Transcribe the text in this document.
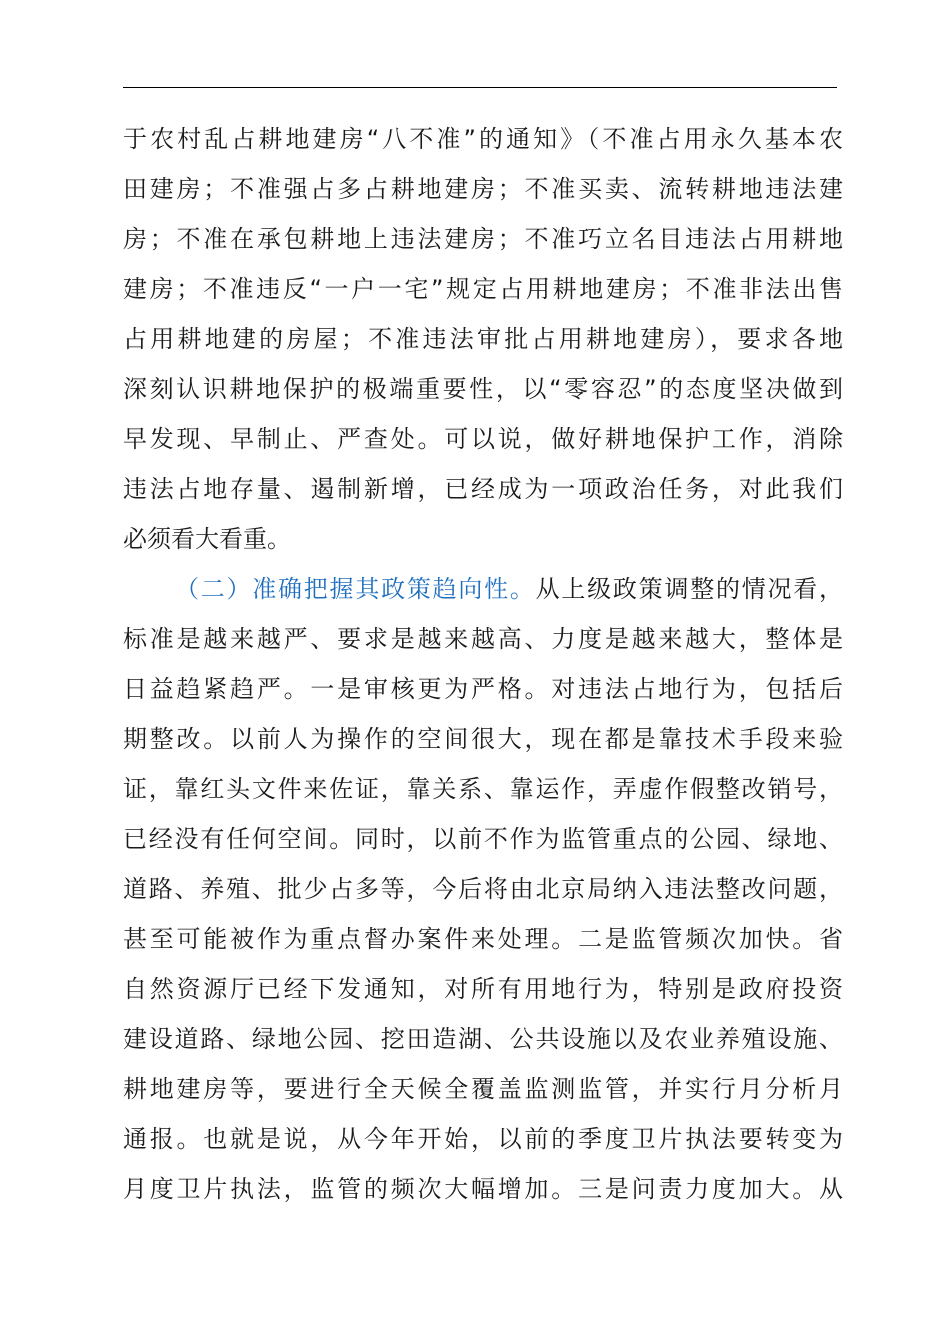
于农村乱占耕地建房“八不准”的通知》（不准占用永久基本农
田建房；不准强占多占耕地建房；不准买卖、流转耕地违法建
房；不准在承包耕地上违法建房；不准巧立名目违法占用耕地
建房；不准违反“一户一宅”规定占用耕地建房；不准非法出售
占用耕地建的房屋；不准违法审批占用耕地建房），要求各地
深刻认识耕地保护的极端重要性，以“零容忍”的态度坚决做到
早发现、早制止、严查处。可以说，做好耕地保护工作，消除
违法占地存量、遏制新增，已经成为一项政治任务，对此我们
必须看大看重。
（二）准确把握其政策趋向性。从上级政策调整的情况看，
标准是越来越严、要求是越来越高、力度是越来越大，整体是
日益趋紧趋严。一是审核更为严格。对违法占地行为，包括后
期整改。以前人为操作的空间很大，现在都是靠技术手段来验
证，靠红头文件来佐证，靠关系、靠运作，弄虚作假整改销号，
已经没有任何空间。同时，以前不作为监管重点的公园、绿地、
道路、养殖、批少占多等，今后将由北京局纳入违法整改问题，
甚至可能被作为重点督办案件来处理。二是监管频次加快。省
自然资源厅已经下发通知，对所有用地行为，特别是政府投资
建设道路、绿地公园、挖田造湖、公共设施以及农业养殖设施、
耕地建房等，要进行全天候全覆盖监测监管，并实行月分析月
通报。也就是说，从今年开始，以前的季度卫片执法要转变为
月度卫片执法，监管的频次大幅增加。三是问责力度加大。从
